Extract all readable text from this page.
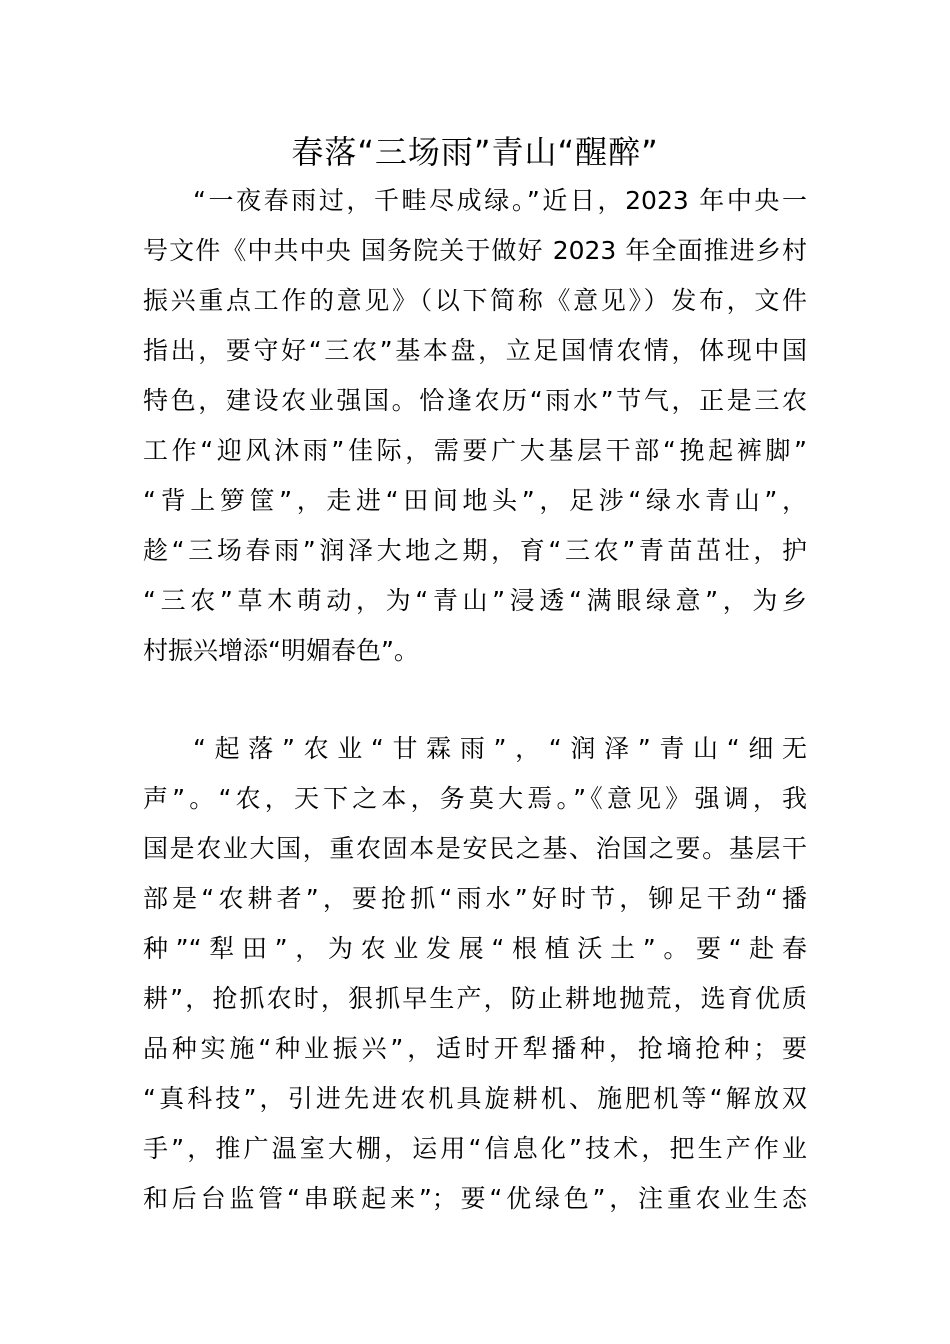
春落“三场雨”青山“醒醉”
“一夜春雨过，千畦尽成绿。”近日，2023 年中央一
号文件《中共中央 国务院关于做好 2023 年全面推进乡村
振兴重点工作的意见》（以下简称《意见》）发布，文件
指出，要守好“三农”基本盘，立足国情农情，体现中国
特色，建设农业强国。恰逢农历“雨水”节气，正是三农
工作“迎风沐雨”佳际，需要广大基层干部“挽起裤脚”
“背上箩筐”，走进“田间地头”，足涉“绿水青山”，
趁“三场春雨”润泽大地之期，育“三农”青苗茁壮，护
“三农”草木萌动，为“青山”浸透“满眼绿意”，为乡
村振兴增添“明媚春色”。
“起落”农业“甘霖雨”，“润泽”青山“细无
声”。“农，天下之本，务莫大焉。”《意见》强调，我
国是农业大国，重农固本是安民之基、治国之要。基层干
部是“农耕者”，要抢抓“雨水”好时节，铆足干劲“播
种”“犁田”，为农业发展“根植沃土”。要“赴春
耕”，抢抓农时，狠抓早生产，防止耕地抛荒，选育优质
品种实施“种业振兴”，适时开犁播种，抢墒抢种；要
“真科技”，引进先进农机具旋耕机、施肥机等“解放双
手”，推广温室大棚，运用“信息化”技术，把生产作业
和后台监管“串联起来”；要“优绿色”，注重农业生态
